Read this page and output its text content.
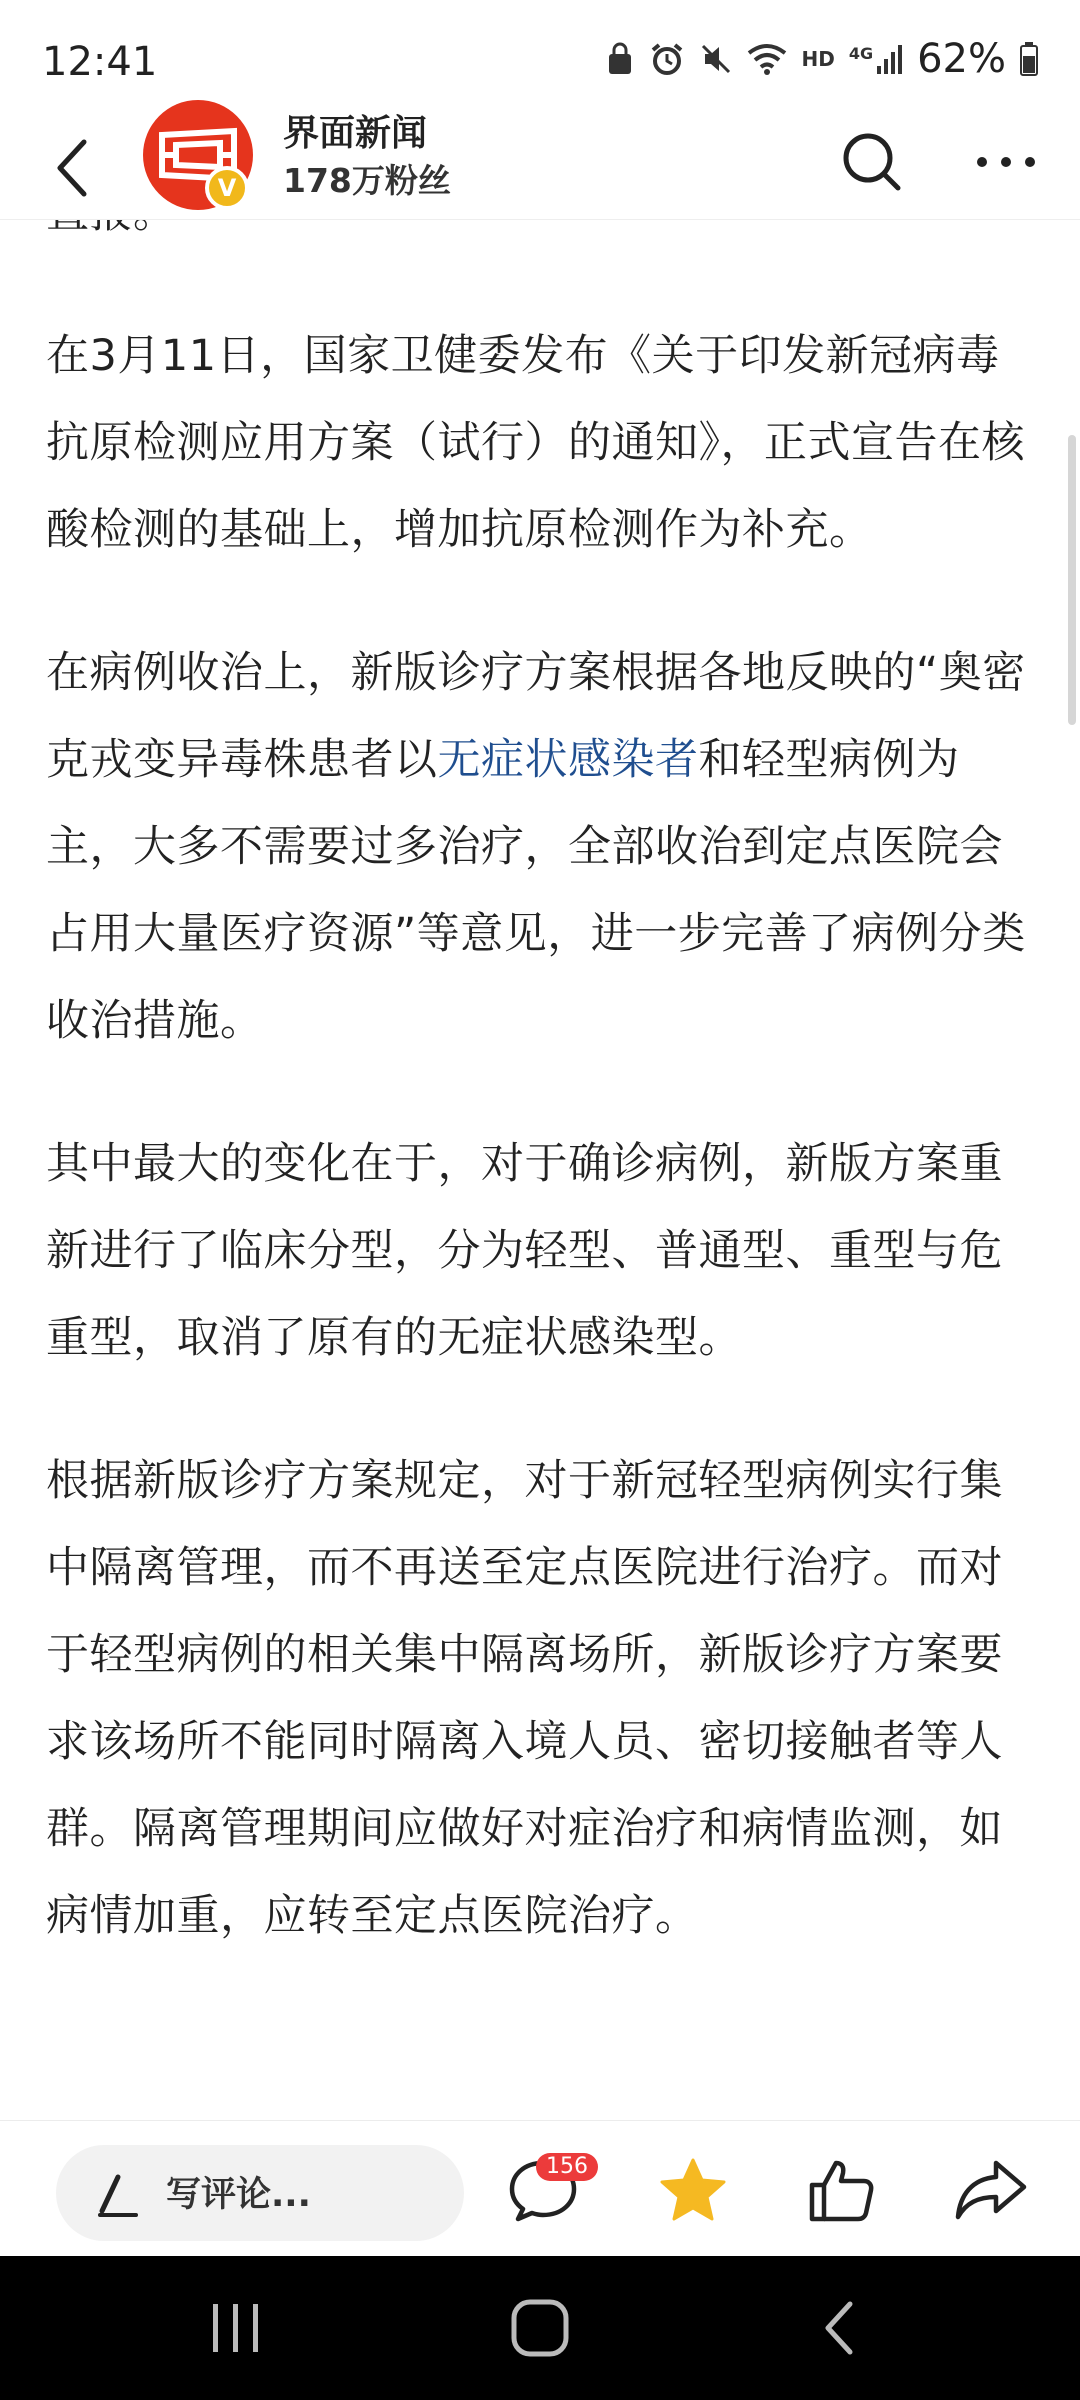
12:41	HD 4G 62%
V
界面新闻
178万粉丝

在3月11日，国家卫健委发布《关于印发新冠病毒抗原检测应用方案（试行）的通知》，正式宣告在核酸检测的基础上，增加抗原检测作为补充。

在病例收治上，新版诊疗方案根据各地反映的“奥密克戎变异毒株患者以无症状感染者和轻型病例为主，大多不需要过多治疗，全部收治到定点医院会占用大量医疗资源”等意见，进一步完善了病例分类收治措施。

其中最大的变化在于，对于确诊病例，新版方案重新进行了临床分型，分为轻型、普通型、重型与危重型，取消了原有的无症状感染型。

根据新版诊疗方案规定，对于新冠轻型病例实行集中隔离管理，而不再送至定点医院进行治疗。而对于轻型病例的相关集中隔离场所，新版诊疗方案要求该场所不能同时隔离入境人员、密切接触者等人群。隔离管理期间应做好对症治疗和病情监测，如病情加重，应转至定点医院治疗。

写评论...
156
